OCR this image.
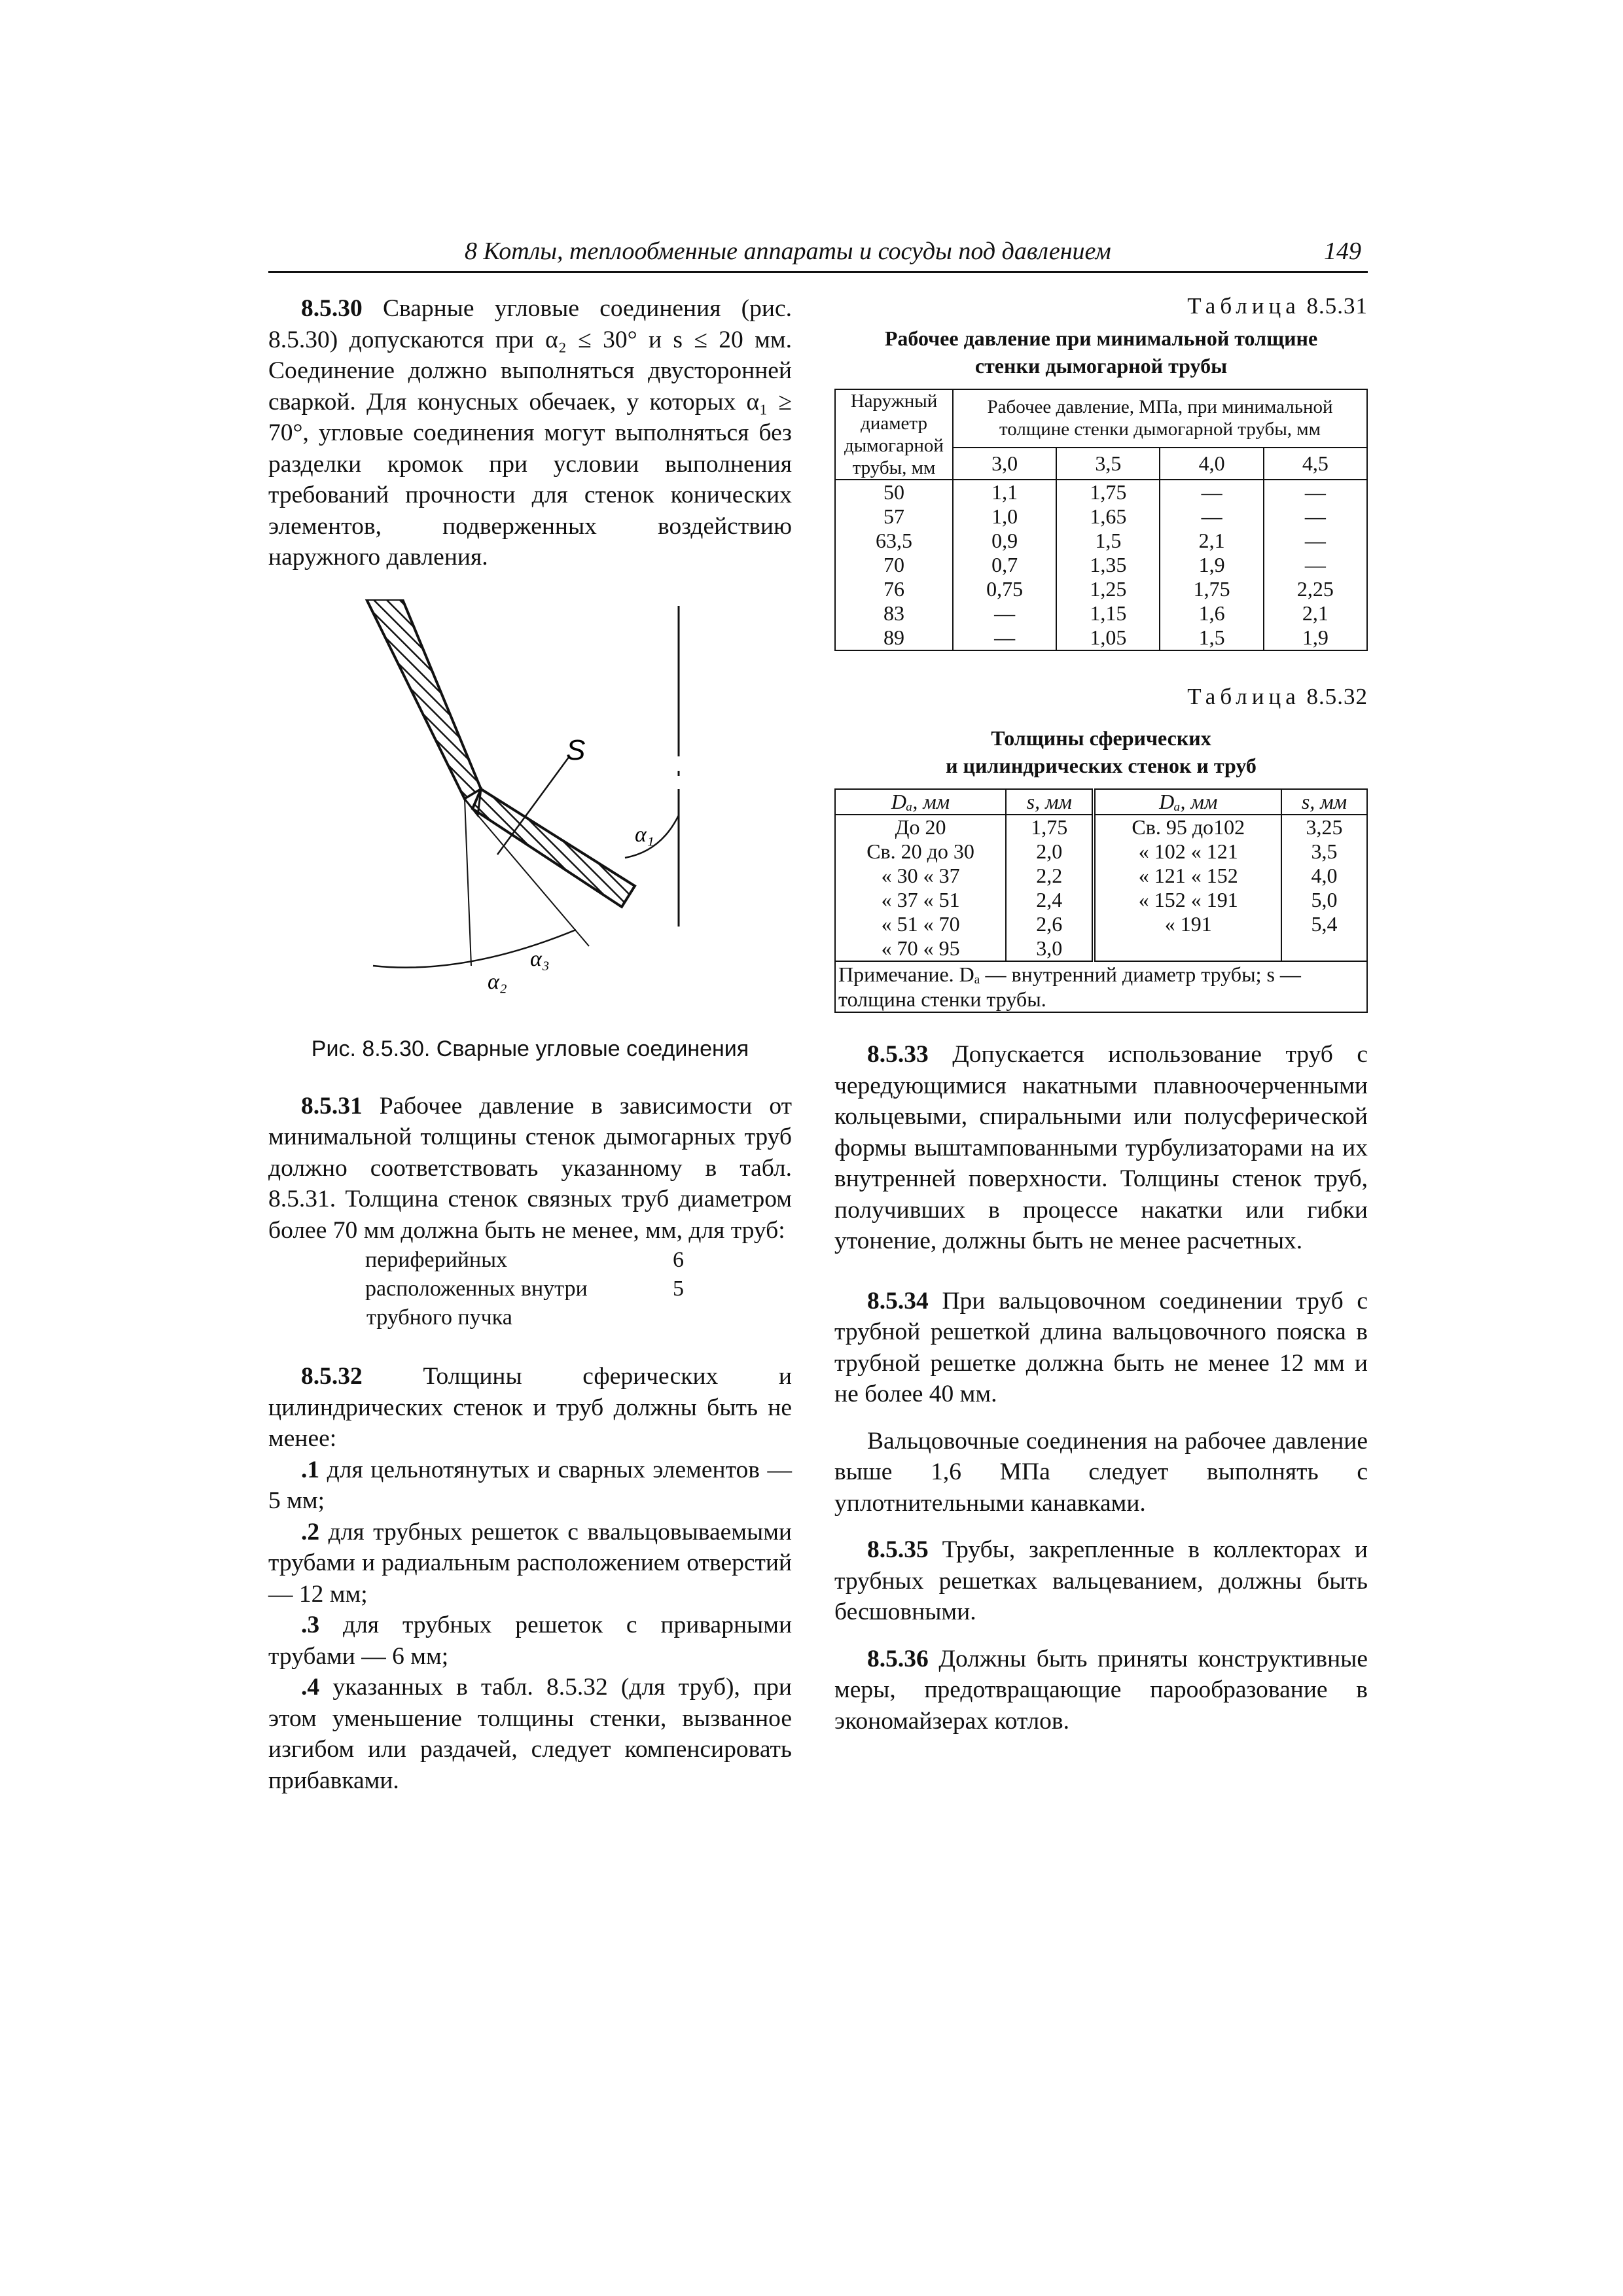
8 Котлы, теплообменные аппараты и сосуды под давлением	149

8.5.30 Сварные угловые соединения (рис. 8.5.30) допускаются при α₂ ≤ 30° и s ≤ 20 мм. Соединение должно выполняться двусторонней сваркой. Для конусных обечаек, у которых α₁ ≥ 70°, угловые соединения могут выполняться без разделки кромок при условии выполнения требований прочности для стенок конических элементов, подверженных воздействию наружного давления.

S
α₁
α₃
α₂

Рис. 8.5.30. Сварные угловые соединения

8.5.31 Рабочее давление в зависимости от минимальной толщины стенок дымогарных труб должно соответствовать указанному в табл. 8.5.31. Толщина стенок связных труб диаметром более 70 мм должна быть не менее, мм, для труб:

периферийных	6
расположенных внутри	5
трубного пучка

8.5.32 Толщины сферических и цилиндрических стенок и труб должны быть не менее:

.1 для цельнотянутых и сварных элементов — 5 мм;

.2 для трубных решеток с ввальцовываемыми трубами и радиальным расположением отверстий — 12 мм;

.3 для трубных решеток с приварными трубами — 6 мм;

.4 указанных в табл. 8.5.32 (для труб), при этом уменьшение толщины стенки, вызванное изгибом или раздачей, следует компенсировать прибавками.

Таблица 8.5.31

Рабочее давление при минимальной толщине
стенки дымогарной трубы
Наружный диаметр дымогарной трубы, мм	Рабочее давление, МПа, при минимальной толщине стенки дымогарной трубы, мм			
	3,0	3,5	4,0	4,5
50	1,1	1,75	—	—
57	1,0	1,65	—	—
63,5	0,9	1,5	2,1	—
70	0,7	1,35	1,9	—
76	0,75	1,25	1,75	2,25
83	—	1,15	1,6	2,1
89	—	1,05	1,5	1,9

Таблица 8.5.32

Толщины сферических
и цилиндрических стенок и труб
Dₐ, мм	s, мм	Dₐ, мм	s, мм
До 20	1,75	Св. 95 до102	3,25
Св. 20 до 30	2,0	« 102 « 121	3,5
« 30 « 37	2,2	« 121 « 152	4,0
« 37 « 51	2,4	« 152 « 191	5,0
« 51 « 70	2,6	« 191	5,4
« 70 « 95	3,0		
Примечание. Dₐ — внутренний диаметр трубы; s — толщина стенки трубы.			

8.5.33 Допускается использование труб с чередующимися накатными плавноочерченными кольцевыми, спиральными или полусферической формы выштампованными турбулизаторами на их внутренней поверхности. Толщины стенок труб, получивших в процессе накатки или гибки утонение, должны быть не менее расчетных.

8.5.34 При вальцовочном соединении труб с трубной решеткой длина вальцовочного пояска в трубной решетке должна быть не менее 12 мм и не более 40 мм.

Вальцовочные соединения на рабочее давление выше 1,6 МПа следует выполнять с уплотнительными канавками.

8.5.35 Трубы, закрепленные в коллекторах и трубных решетках вальцеванием, должны быть бесшовными.

8.5.36 Должны быть приняты конструктивные меры, предотвращающие парообразование в экономайзерах котлов.
